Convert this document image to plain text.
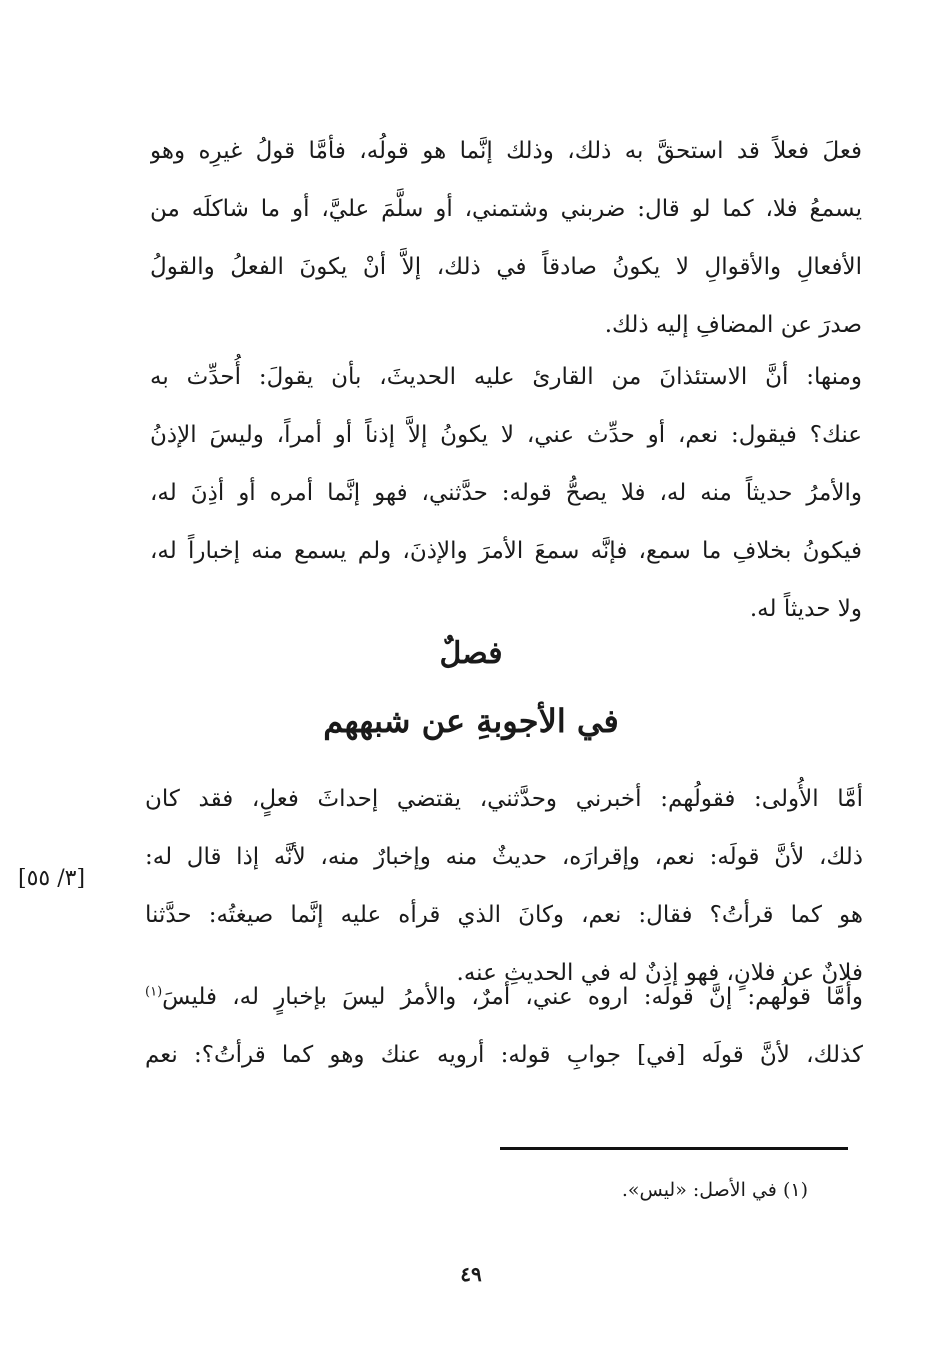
فعلَ فعلاً قد استحقَّ به ذلك، وذلك إنَّما هو قولُه، فأمَّا قولُ غيرِه وهو
يسمعُ فلا، كما لو قال: ضربني وشتمني، أو سلَّمَ عليَّ، أو ما شاكلَه من
الأفعالِ والأقوالِ لا يكونُ صادقاً في ذلك، إلاَّ أنْ يكونَ الفعلُ والقولُ
صدرَ عن المضافِ إليه ذلك.
ومنها: أنَّ الاستئذانَ من القارئ عليه الحديثَ، بأن يقولَ: أُحدِّث به
عنك؟ فيقول: نعم، أو حدِّث عني، لا يكونُ إلاَّ إذناً أو أمراً، وليسَ الإذنُ
والأمرُ حديثاً منه له، فلا يصحُّ قوله: حدَّثني، فهو إنَّما أمره أو أذِنَ له،
فيكونُ بخلافِ ما سمع، فإنَّه سمعَ الأمرَ والإذنَ، ولم يسمع منه إخباراً له،
ولا حديثاً له.
فصلٌ
في الأجوبةِ عن شبههم
أمَّا الأُولى: فقولُهم: أخبرني وحدَّثني، يقتضي إحداثَ فعلٍ، فقد كان
ذلك، لأنَّ قولَه: نعم، وإقرارَه، حديثٌ منه وإخبارٌ منه، لأنَّه إذا قال له:
هو كما قرأتُ؟ فقال: نعم، وكانَ الذي قرأه عليه إنَّما صيغتُه: حدَّثنا
فلانٌ عن فلانٍ، فهو إذنٌ له في الحديثِ عنه.
[٣/ ٥٥]
وأمَّا قولُهم: إنَّ قولَه: اروه عني، أمرٌ، والأمرُ ليسَ بإخبارٍ له، فليسَ$^{(١)}$
كذلك، لأنَّ قولَه [في] جوابِ قوله: أرويه عنك وهو كما قرأتُ؟: نعم
(١) في الأصل: «ليس».
٤٩
